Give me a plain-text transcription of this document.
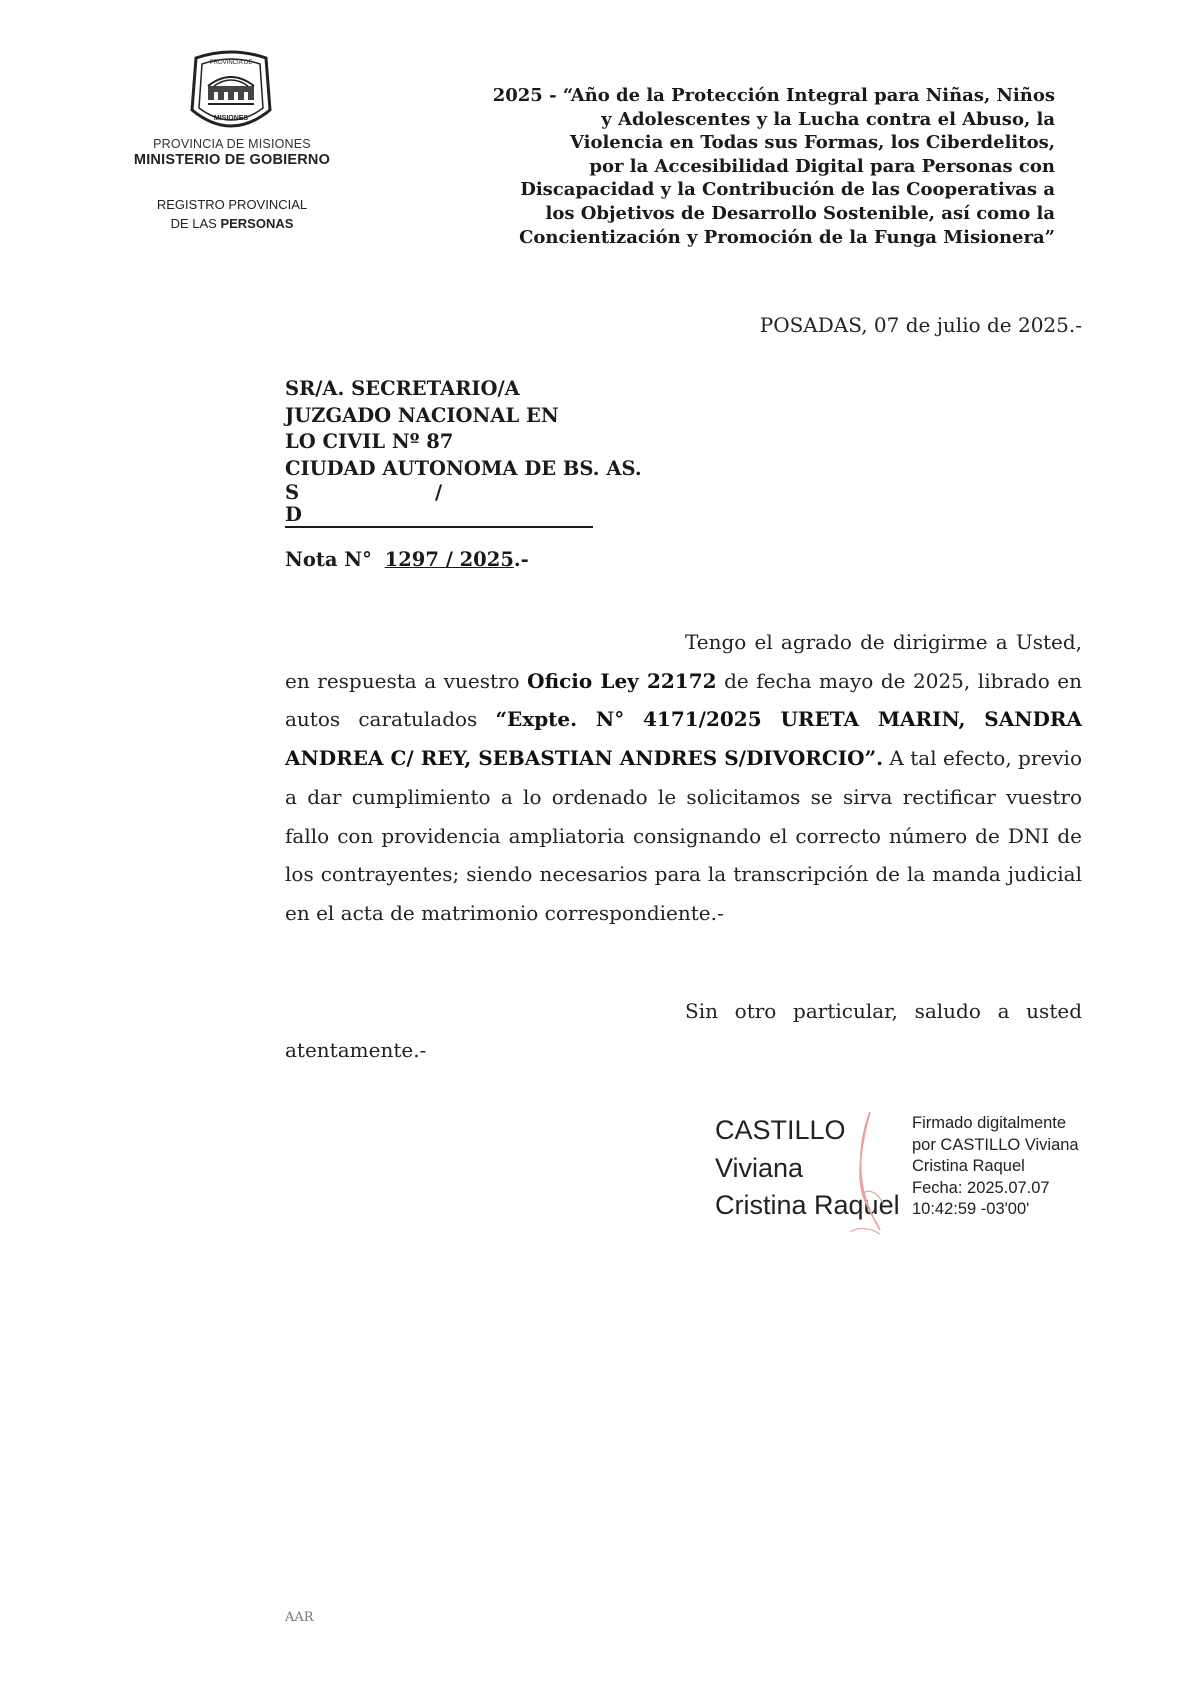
PROVINCIA DE
MISIONES
PROVINCIA DE MISIONES
MINISTERIO DE GOBIERNO
REGISTRO PROVINCIAL
DE LAS PERSONAS
2025 - “Año de la Protección Integral para Niñas, Niños
y Adolescentes y la Lucha contra el Abuso, la
Violencia en Todas sus Formas, los Ciberdelitos,
por la Accesibilidad Digital para Personas con
Discapacidad y la Contribución de las Cooperativas a
los Objetivos de Desarrollo Sostenible, así como la
Concientización y Promoción de la Funga Misionera”
POSADAS, 07 de julio de 2025.-
SR/A. SECRETARIO/A
JUZGADO NACIONAL EN
LO CIVIL Nº 87
CIUDAD AUTONOMA DE BS. AS.
S	/D
Nota N° 1297 / 2025.-
Tengo el agrado de dirigirme a Usted, en respuesta a vuestro Oficio Ley 22172 de fecha mayo de 2025, librado en autos caratulados “Expte. N° 4171/2025 URETA MARIN, SANDRA ANDREA C/ REY, SEBASTIAN ANDRES S/DIVORCIO”. A tal efecto, previo a dar cumplimiento a lo ordenado le solicitamos se sirva rectificar vuestro fallo con providencia ampliatoria consignando el correcto número de DNI de los contrayentes; siendo necesarios para la transcripción de la manda judicial en el acta de matrimonio correspondiente.-
Sin otro particular, saludo a usted atentamente.-
CASTILLO
Viviana
Cristina Raquel
Firmado digitalmente
por CASTILLO Viviana
Cristina Raquel
Fecha: 2025.07.07
10:42:59 -03'00'
AAR
